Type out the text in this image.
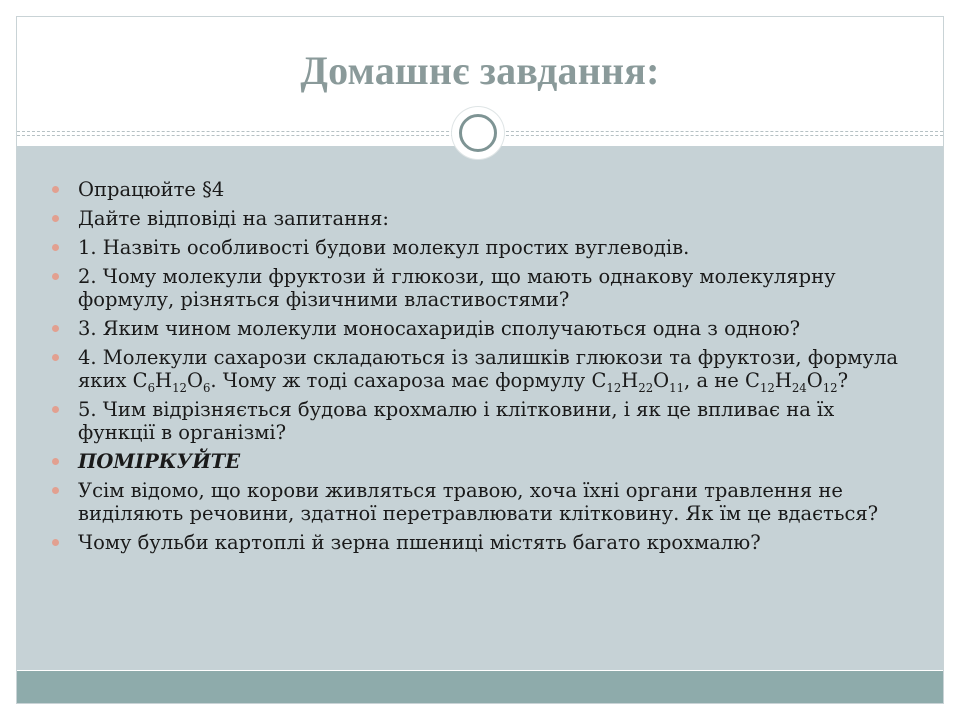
Домашнє завдання:
Опрацюйте §4
Дайте відповіді на запитання:
1. Назвіть особливості будови молекул простих вуглеводів.
2. Чому молекули фруктози й глюкози, що мають однакову молекулярну формулу, різняться фізичними властивостями?
3. Яким чином молекули моносахаридів сполучаються одна з одною?
4. Молекули сахарози складаються із залишків глюкози та фруктози, формула яких $С_6Н_{12}О_6$. Чому ж тоді сахароза має формулу $С_{12}Н_{22}О_{11}$, а не $С_{12}Н_{24}О_{12}$?
5. Чим відрізняється будова крохмалю і клітковини, і як це впливає на їх функції в організмі?
ПОМІРКУЙТЕ
Усім відомо, що корови живляться травою, хоча їхні органи травлення не виділяють речовини, здатної перетравлювати клітковину. Як їм це вдається?
Чому бульби картоплі й зерна пшениці містять багато крохмалю?
